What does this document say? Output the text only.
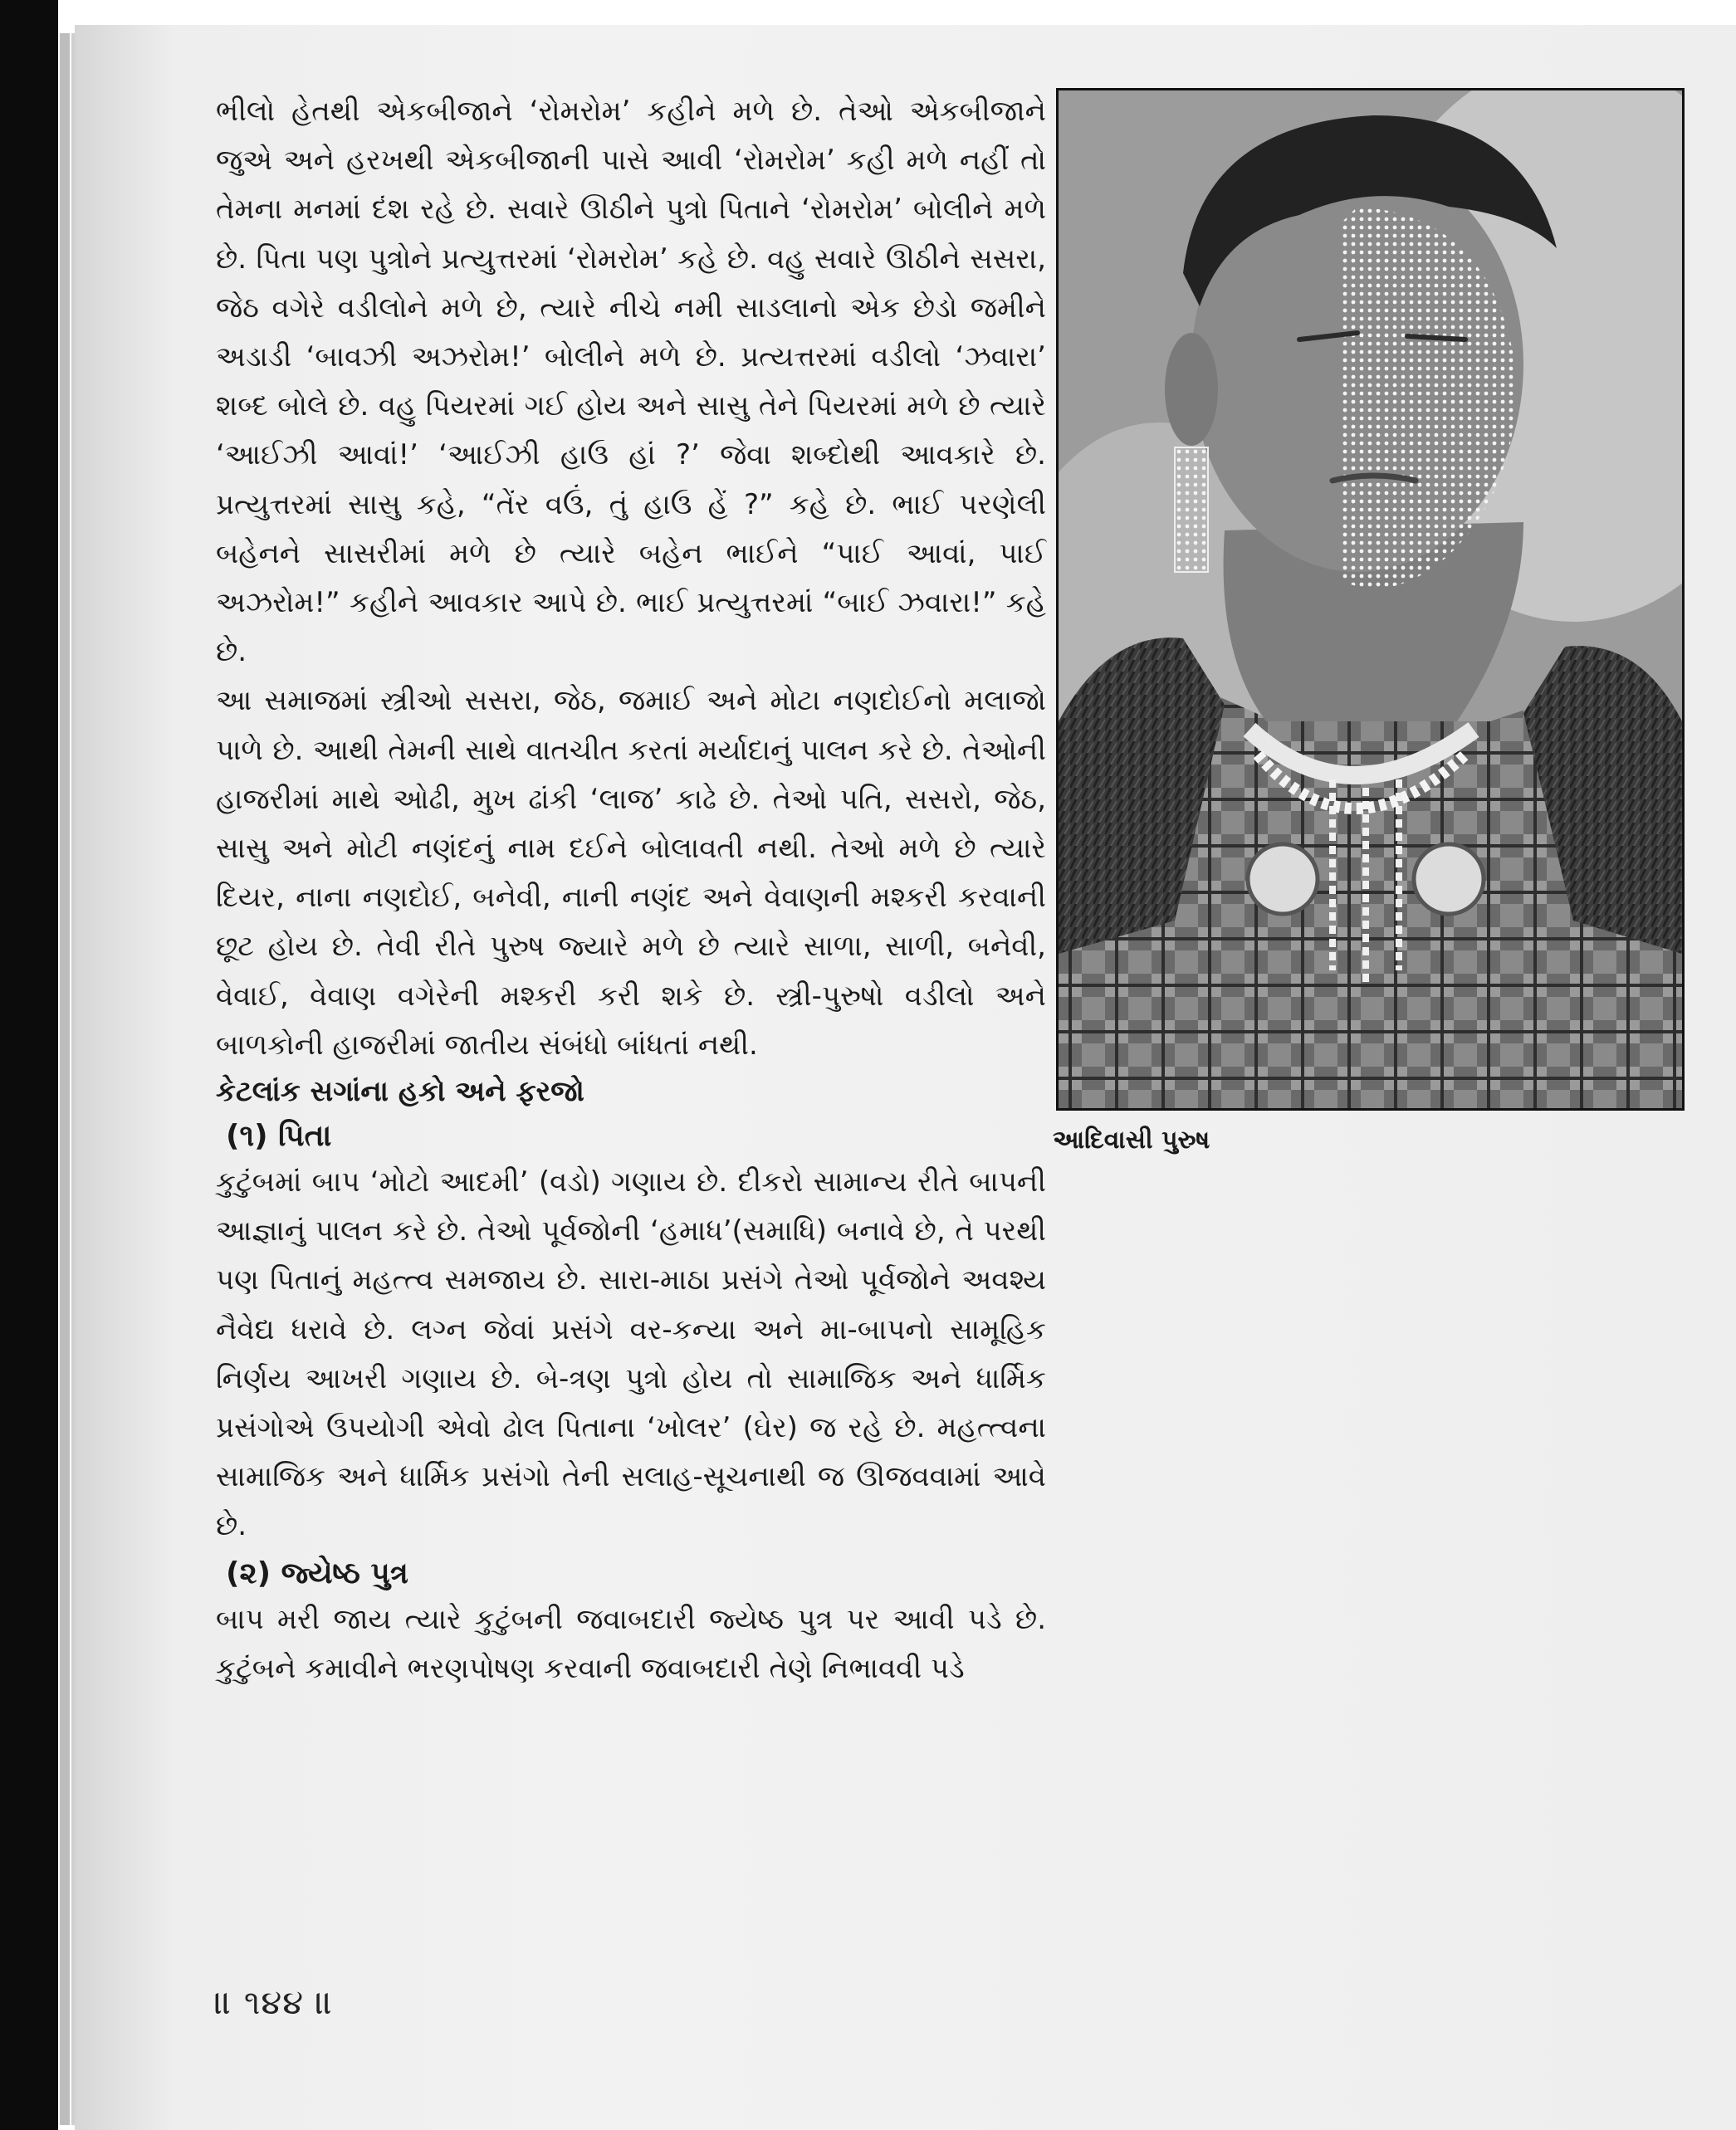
ભીલો હેતથી એકબીજાને ‘રોમરોમ’ કહીને મળે છે. તેઓ એકબીજાને જુએ અને હરખથી એકબીજાની પાસે આવી ‘રોમરોમ’ કહી મળે નહીં તો તેમના મનમાં દંશ રહે છે. સવારે ઊઠીને પુત્રો પિતાને ‘રોમરોમ’ બોલીને મળે છે. પિતા પણ પુત્રોને પ્રત્યુત્તરમાં ‘રોમરોમ’ કહે છે. વહુ સવારે ઊઠીને સસરા, જેઠ વગેરે વડીલોને મળે છે, ત્યારે નીચે નમી સાડલાનો એક છેડો જમીને અડાડી ‘બાવઝી અઝરોમ!’ બોલીને મળે છે. પ્રત્યત્તરમાં વડીલો ‘ઝવારા’ શબ્દ બોલે છે. વહુ પિયરમાં ગઈ હોય અને સાસુ તેને પિયરમાં મળે છે ત્યારે ‘આઈઝી આવાં!’ ‘આઈઝી હાઉ હાં ?’ જેવા શબ્દોથી આવકારે છે. પ્રત્યુત્તરમાં સાસુ કહે, “તેંર વઉં, તું હાઉ હેં ?” કહે છે. ભાઈ પરણેલી બહેનને સાસરીમાં મળે છે ત્યારે બહેન ભાઈને “પાઈ આવાં, પાઈ અઝરોમ!” કહીને આવકાર આપે છે. ભાઈ પ્રત્યુત્તરમાં “બાઈ ઝવારા!” કહે છે.

આ સમાજમાં સ્ત્રીઓ સસરા, જેઠ, જમાઈ અને મોટા નણદોઈનો મલાજો પાળે છે. આથી તેમની સાથે વાતચીત કરતાં મર્યાદાનું પાલન કરે છે. તેઓની હાજરીમાં માથે ઓઢી, મુખ ઢાંકી ‘લાજ’ કાઢે છે. તેઓ પતિ, સસરો, જેઠ, સાસુ અને મોટી નણંદનું નામ દઈને બોલાવતી નથી. તેઓ મળે છે ત્યારે દિયર, નાના નણદોઈ, બનેવી, નાની નણંદ અને વેવાણની મશ્કરી કરવાની છૂટ હોય છે. તેવી રીતે પુરુષ જ્યારે મળે છે ત્યારે સાળા, સાળી, બનેવી, વેવાઈ, વેવાણ વગેરેની મશ્કરી કરી શકે છે. સ્ત્રી-પુરુષો વડીલો અને બાળકોની હાજરીમાં જાતીય સંબંધો બાંધતાં નથી.

કેટલાંક સગાંના હકો અને ફરજો

(૧) પિતા

કુટુંબમાં બાપ ‘મોટો આદમી’ (વડો) ગણાય છે. દીકરો સામાન્ય રીતે બાપની આજ્ઞાનું પાલન કરે છે. તેઓ પૂર્વજોની ‘હમાધ’(સમાધિ) બનાવે છે, તે પરથી પણ પિતાનું મહત્ત્વ સમજાય છે. સારા-માઠા પ્રસંગે તેઓ પૂર્વજોને અવશ્ય નૈવેદ્ય ધરાવે છે. લગ્ન જેવાં પ્રસંગે વર-કન્યા અને મા-બાપનો સામૂહિક નિર્ણય આખરી ગણાય છે. બે-ત્રણ પુત્રો હોય તો સામાજિક અને ધાર્મિક પ્રસંગોએ ઉપયોગી એવો ઢોલ પિતાના ‘ખોલર’ (ઘેર) જ રહે છે. મહત્ત્વના સામાજિક અને ધાર્મિક પ્રસંગો તેની સલાહ-સૂચનાથી જ ઊજવવામાં આવે છે.

(૨) જ્યેષ્ઠ પુત્ર

બાપ મરી જાય ત્યારે કુટુંબની જવાબદારી જ્યેષ્ઠ પુત્ર પર આવી પડે છે. કુટુંબને કમાવીને ભરણપોષણ કરવાની જવાબદારી તેણે નિભાવવી પડે

આદિવાસી પુરુષ
॥ ૧૪૪ ॥
